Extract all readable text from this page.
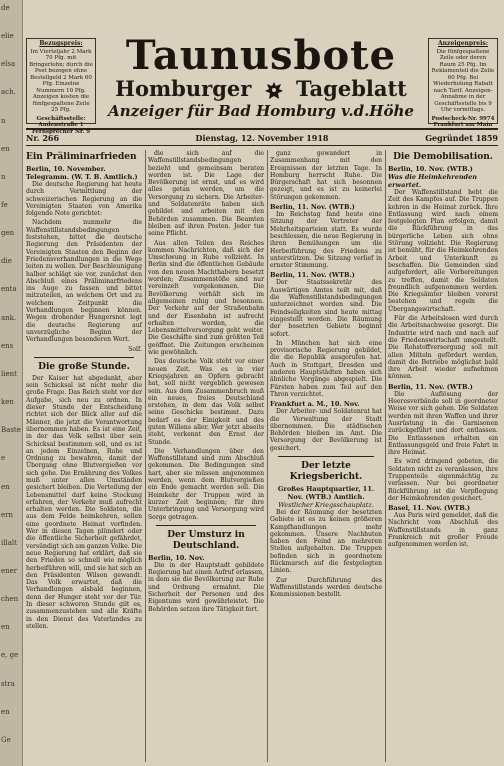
de
elie
elsa
ach.
n
en
n
fe
gen
die
enta
ank.
ens
lient
ken
Baste
e
en
ern
illalt
ener
chen
en
e, ge
stra
en
Ge
Bezugspreis:
Im Vierteljahr 2 Mark 70 Pfg. mit Bringerlohn; durch die Post bezogen ohne Bestellgeld 2 Mark 60 Pfg. Einzelne Nummern 10 Pfg. Anzeigen kosten die fünfgespaltene Zeile 25 Pfg.
Geschäftsstelle: Audenstraße 1 Fernsprecher Nr. 9
Taunusbote
Homburger Tageblatt
Anzeiger für Bad Homburg v.d.Höhe
Anzeigenpreis:
Die fünfgespaltene Zeile oder deren Raum 25 Pfg. Im Reklamenteil die Zeile 60 Pfg. Bei Wiederholung Rabatt nach Tarif. Anzeigen-Annahme in der Geschäftsstelle bis 9 Uhr vormittags.
Postscheck-Nr. 9974 Frankfurt am Main
Dienstag, 12. November 1918
Nr. 266	Gegründet 1859
Ein Präliminarfrieden
Berlin, 10. November. Telegramm. (W. T. B. Amtlich.)

Die deutsche Regierung hat heute durch Vermittlung der schweizerischen Regierung an die Vereinigten Staaten von Amerika folgende Note gerichtet:

Nachdem nunmehr die Waffenstillstandsbedingungen feststehen, bittet die deutsche Regierung den Präsidenten der Vereinigten Staaten den Beginn der Friedensverhandlungen in die Wege leiten zu wollen. Der Beschleunigung halber schlägt sie vor, zunächst den Abschluß eines Präliminarfriedens ins Auge zu fassen und bittet mitzuteilen, an welchem Ort und zu welchem Zeitpunkt die Verhandlungen beginnen können. Wegen drohender Hungersnot legt die deutsche Regierung auf unverzügliche Beginn der Verhandlungen besonderen Wert.

Solf.

Die große Stunde.

Der Kaiser hat abgedankt, aber sein Schicksal ist nicht mehr die große Frage. Das Reich steht vor der Aufgabe, sich neu zu ordnen. In dieser Stunde der Entscheidung richtet sich der Blick aller auf die Männer, die jetzt die Verantwortung übernommen haben. Es ist eine Zeit, in der das Volk selbst über sein Schicksal bestimmen soll, und es ist an jedem Einzelnen, Ruhe und Ordnung zu bewahren, damit der Übergang ohne Blutvergießen vor sich gehe. Die Ernährung des Volkes muß unter allen Umständen gesichert bleiben. Die Verteilung der Lebensmittel darf keine Stockung erfahren, der Verkehr muß aufrecht erhalten werden. Die Soldaten, die aus dem Felde heimkehren, sollen eine geordnete Heimat vorfinden. Wer in diesen Tagen plündert oder die öffentliche Sicherheit gefährdet, versündigt sich am ganzen Volke. Die neue Regierung hat erklärt, daß sie den Frieden so schnell wie möglich herbeiführen will, und sie hat sich an den Präsidenten Wilson gewandt. Das Volk erwartet, daß die Verhandlungen alsbald beginnen, denn der Hunger steht vor der Tür. In dieser schweren Stunde gilt es, zusammenzustehen und alle Kräfte in den Dienst des Vaterlandes zu stellen.

die sich auf die Waffenstillstandsbedingungen bezieht und gemeinsam beraten worden ist. Die Lage der Bevölkerung ist ernst, und es wird alles getan werden, um die Versorgung zu sichern. Die Arbeiter- und Soldatenräte haben sich gebildet und arbeiten mit den Behörden zusammen. Die Beamten bleiben auf ihren Posten. Jeder tue seine Pflicht.

Aus allen Teilen des Reiches kommen Nachrichten, daß sich der Umschwung in Ruhe vollzieht. In Berlin sind die öffentlichen Gebäude von den neuen Machthabern besetzt worden; Zusammenstöße sind nur vereinzelt vorgekommen. Die Bevölkerung verhält sich im allgemeinen ruhig und besonnen. Der Verkehr auf der Straßenbahn und der Eisenbahn ist aufrecht erhalten worden, die Lebensmittelversorgung geht weiter. Die Geschäfte sind zum größten Teil geöffnet. Die Zeitungen erscheinen wie gewöhnlich.

Das deutsche Volk steht vor einer neuen Zeit. Was es in vier Kriegsjahren an Opfern gebracht hat, soll nicht vergeblich gewesen sein. Aus dem Zusammenbruch muß ein neues, freies Deutschland erstehen, in dem das Volk selbst seine Geschicke bestimmt. Dazu bedarf es der Einigkeit und des guten Willens aller. Wer jetzt abseits steht, verkennt den Ernst der Stunde.

Die Verhandlungen über den Waffenstillstand sind zum Abschluß gekommen. Die Bedingungen sind hart, aber sie müssen angenommen werden, wenn dem Blutvergießen ein Ende gemacht werden soll. Die Heimkehr der Truppen wird in kurzer Zeit beginnen; für ihre Unterbringung und Versorgung wird Sorge getragen.

Der Umsturz in Deutschland.
Berlin, 10. Nov.

Die in der Hauptstadt gebildete Regierung hat einen Aufruf erlassen, in dem sie die Bevölkerung zur Ruhe und Ordnung ermahnt. Die Sicherheit der Personen und des Eigentums wird gewährleistet. Die Behörden setzen ihre Tätigkeit fort.

ganz gewandert in Zusammenhang mit den Ereignissen der letzten Tage. In Homburg herrscht Ruhe. Die Bürgerschaft hat sich besonnen gezeigt, und es ist zu keinerlei Störungen gekommen.

Berlin, 11. Nov. (WTB.)

Im Reichstag fand heute eine Sitzung der Vertreter der Mehrheitsparteien statt. Es wurde beschlossen, die neue Regierung in ihren Bemühungen um die Herbeiführung des Friedens zu unterstützen. Die Sitzung verlief in ernster Stimmung.

Berlin, 11. Nov. (WTB.)

Der Staatssekretär des Auswärtigen Amtes teilt mit, daß die Waffenstillstandsbedingungen unterzeichnet worden sind. Die Feindseligkeiten sind heute mittag eingestellt worden. Die Räumung der besetzten Gebiete beginnt sofort.

In München hat sich eine provisorische Regierung gebildet, die die Republik ausgerufen hat. Auch in Stuttgart, Dresden und anderen Hauptstädten haben sich ähnliche Vorgänge abgespielt. Die Fürsten haben zum Teil auf den Thron verzichtet.

Frankfurt a. M., 10. Nov.

Der Arbeiter- und Soldatenrat hat die Verwaltung der Stadt übernommen. Die städtischen Behörden bleiben im Amt. Die Versorgung der Bevölkerung ist gesichert.

Der letzte Kriegsbericht.
Großes Hauptquartier, 11. Nov. (WTB.) Amtlich.
Westlicher Kriegsschauplatz.

Bei der Räumung der besetzten Gebiete ist es zu keinen größeren Kampfhandlungen mehr gekommen. Unsere Nachhuten haben den Feind an mehreren Stellen aufgehalten. Die Truppen befinden sich in geordnetem Rückmarsch auf die festgelegten Linien.

Zur Durchführung des Waffenstillstands werden deutsche Kommissionen bestellt.

Die Demobilisation.
Berlin, 10. Nov. (WTB.)
Was die Heimkehrenden erwartet.

Der Waffenstillstand hebt die Zeit des Kampfes auf. Die Truppen kehren in die Heimat zurück. Ihre Entlassung wird nach einem festgelegten Plan erfolgen, damit die Rückführung in das bürgerliche Leben sich ohne Störung vollzieht. Die Regierung ist bemüht, für die Heimkehrenden Arbeit und Unterkunft zu beschaffen. Die Gemeinden sind aufgefordert, alle Vorbereitungen zu treffen, damit die Soldaten freundlich aufgenommen werden. Die Kriegsämter bleiben vorerst bestehen und regeln die Übergangswirtschaft.

Für die Arbeitslosen wird durch die Arbeitsnachweise gesorgt. Die Industrie wird nach und nach auf die Friedenswirtschaft umgestellt. Die Rohstoffversorgung soll mit allen Mitteln gefördert werden, damit die Betriebe möglichst bald ihre Arbeit wieder aufnehmen können.

Berlin, 11. Nov. (WTB.)

Die Auflösung der Heeresverbände soll in geordneter Weise vor sich gehen. Die Soldaten werden mit ihren Waffen und ihrer Ausrüstung in die Garnisonen zurückgeführt und dort entlassen. Die Entlassenen erhalten ein Entlassungsgeld und freie Fahrt in ihre Heimat.

Es wird dringend gebeten, die Soldaten nicht zu veranlassen, ihre Truppenteile eigenmächtig zu verlassen. Nur bei geordneter Rückführung ist die Verpflegung der Heimkehrenden gesichert.

Basel, 11. Nov. (WTB.)

Aus Paris wird gemeldet, daß die Nachricht vom Abschluß des Waffenstillstands in ganz Frankreich mit großer Freude aufgenommen worden ist.
